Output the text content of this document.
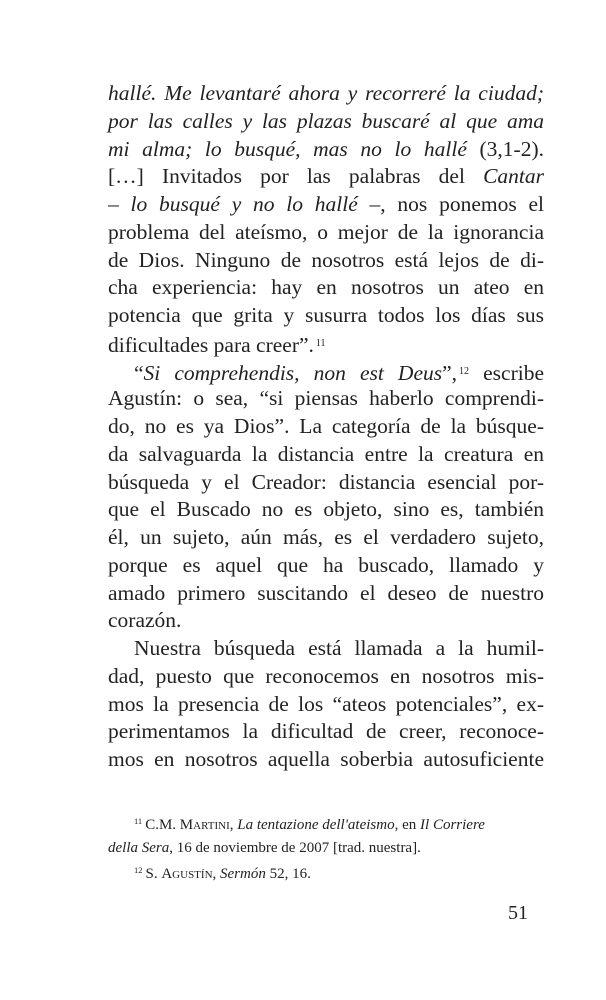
hallé. Me levantaré ahora y recorreré la ciudad;
por las calles y las plazas buscaré al que ama
mi alma; lo busqué, mas no lo hallé (3,1-2).
[…] Invitados por las palabras del Cantar
– lo busqué y no lo hallé –, nos ponemos el
problema del ateísmo, o mejor de la ignorancia
de Dios. Ninguno de nosotros está lejos de di-
cha experiencia: hay en nosotros un ateo en
potencia que grita y susurra todos los días sus
dificultades para creer”. $^{11}$
“Si comprehendis, non est Deus”, $^{12}$ escribe
Agustín: o sea, “si piensas haberlo comprendi-
do, no es ya Dios”. La categoría de la búsque-
da salvaguarda la distancia entre la creatura en
búsqueda y el Creador: distancia esencial por-
que el Buscado no es objeto, sino es, también
él, un sujeto, aún más, es el verdadero sujeto,
porque es aquel que ha buscado, llamado y
amado primero suscitando el deseo de nuestro
corazón.
Nuestra búsqueda está llamada a la humil-
dad, puesto que reconocemos en nosotros mis-
mos la presencia de los “ateos potenciales”, ex-
perimentamos la dificultad de creer, reconoce-
mos en nosotros aquella soberbia autosuficiente
$^{11}$ C.M. Martini, La tentazione dell'ateismo, en Il Corriere
della Sera, 16 de noviembre de 2007 [trad. nuestra].
$^{12}$ S. Agustín, Sermón 52, 16.
51
